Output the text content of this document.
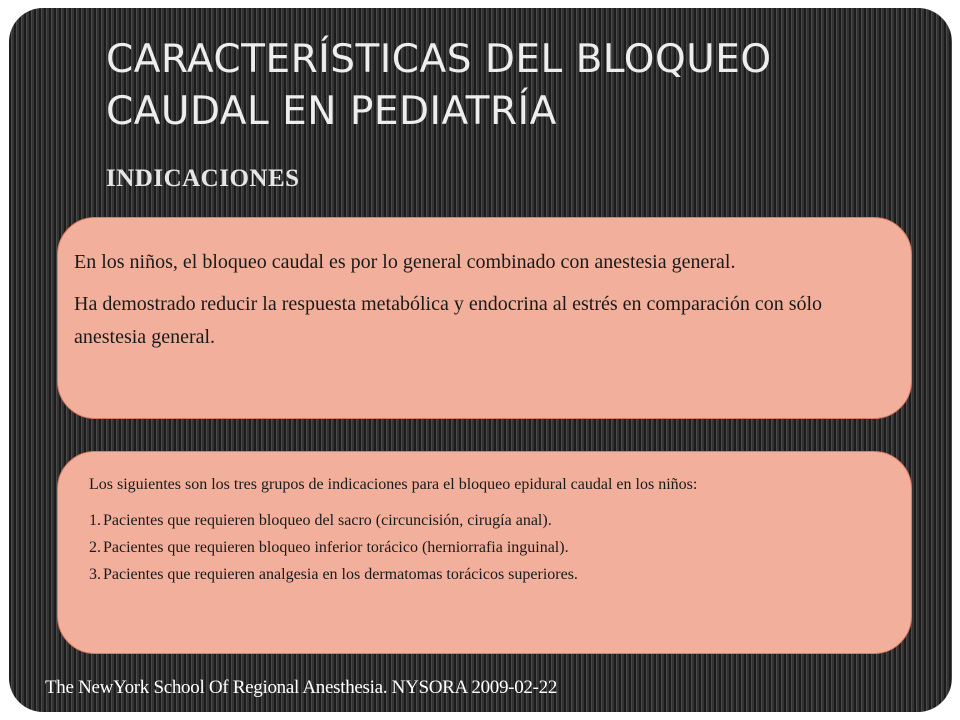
CARACTERÍSTICAS DEL BLOQUEO CAUDAL EN PEDIATRÍA
INDICACIONES

En los niños, el bloqueo caudal es por lo general combinado con anestesia general.

Ha demostrado reducir la respuesta metabólica y endocrina al estrés en comparación con sólo anestesia general.

Los siguientes son los tres grupos de indicaciones para el bloqueo epidural caudal en los niños:

1. Pacientes que requieren bloqueo del sacro (circuncisión, cirugía anal).
2. Pacientes que requieren bloqueo inferior torácico (herniorrafia inguinal).
3. Pacientes que requieren analgesia en los dermatomas torácicos superiores.

The NewYork School Of Regional Anesthesia. NYSORA 2009-02-22
